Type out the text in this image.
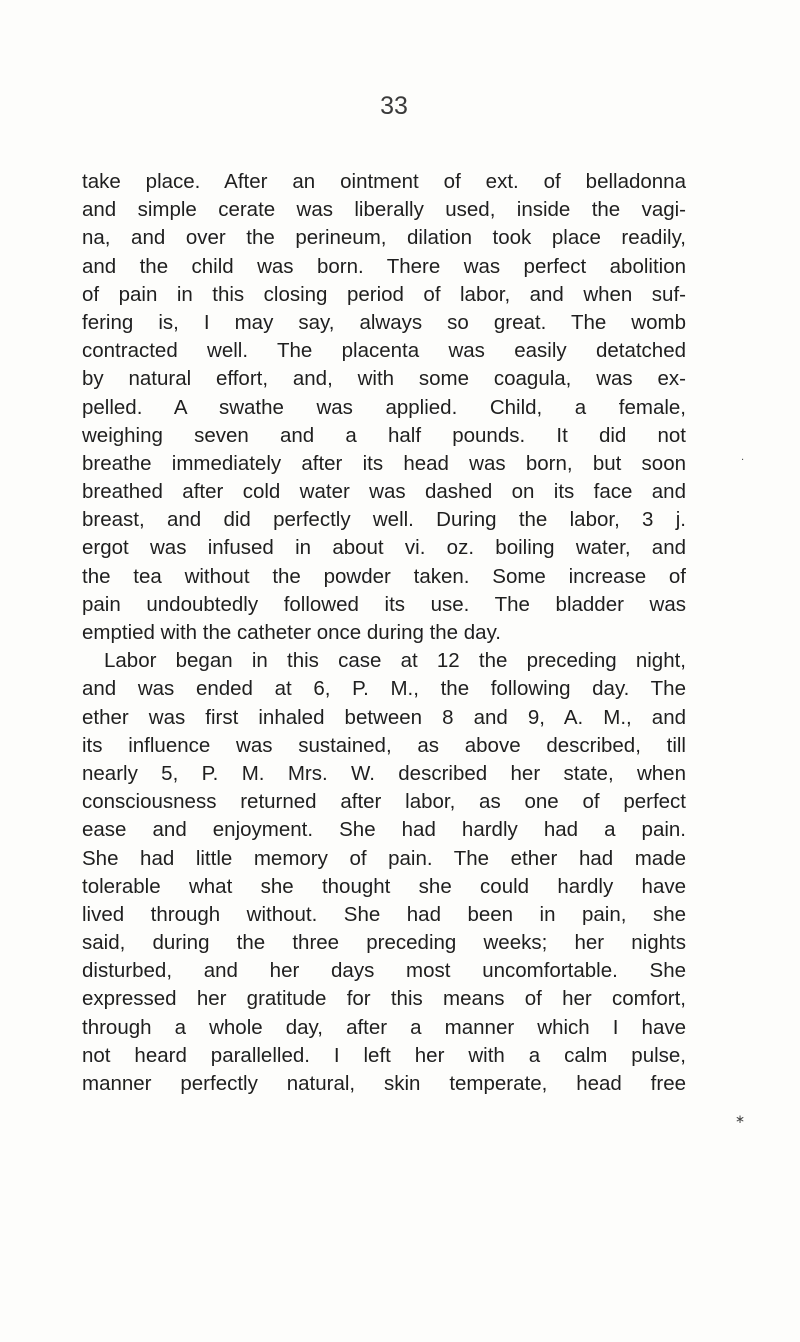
33
take place. After an ointment of ext. of belladonna
and simple cerate was liberally used, inside the vagi-
na, and over the perineum, dilation took place readily,
and the child was born. There was perfect abolition
of pain in this closing period of labor, and when suf-
fering is, I may say, always so great. The womb
contracted well. The placenta was easily detatched
by natural effort, and, with some coagula, was ex-
pelled. A swathe was applied. Child, a female,
weighing seven and a half pounds. It did not
breathe immediately after its head was born, but soon
breathed after cold water was dashed on its face and
breast, and did perfectly well. During the labor, 3 j.
ergot was infused in about vi. oz. boiling water, and
the tea without the powder taken. Some increase of
pain undoubtedly followed its use. The bladder was
emptied with the catheter once during the day.
Labor began in this case at 12 the preceding night,
and was ended at 6, P. M., the following day. The
ether was first inhaled between 8 and 9, A. M., and
its influence was sustained, as above described, till
nearly 5, P. M. Mrs. W. described her state, when
consciousness returned after labor, as one of perfect
ease and enjoyment. She had hardly had a pain.
She had little memory of pain. The ether had made
tolerable what she thought she could hardly have
lived through without. She had been in pain, she
said, during the three preceding weeks; her nights
disturbed, and her days most uncomfortable. She
expressed her gratitude for this means of her comfort,
through a whole day, after a manner which I have
not heard parallelled. I left her with a calm pulse,
manner perfectly natural, skin temperate, head free
‧
∗
